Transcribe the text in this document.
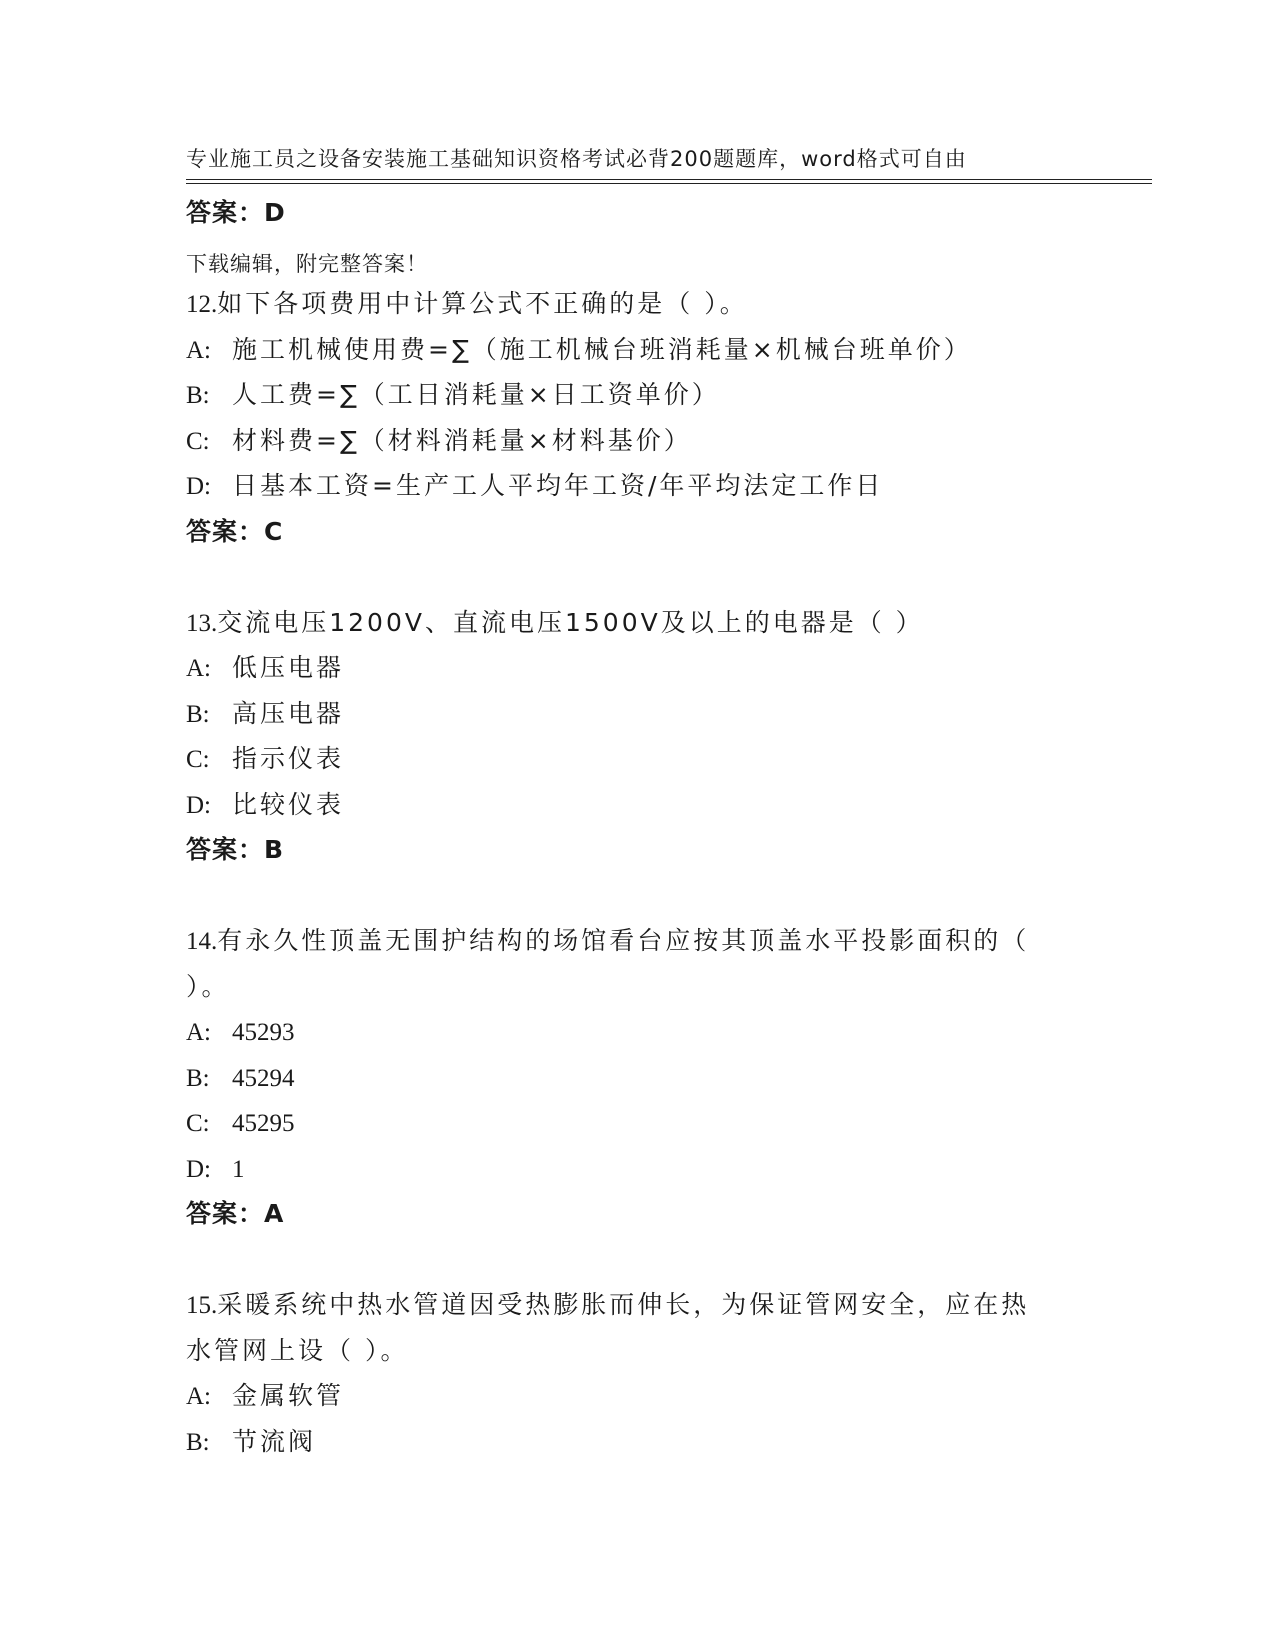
专业施工员之设备安装施工基础知识资格考试必背200题题库，word格式可自由

下载编辑，附完整答案！

答案：D
12.如下各项费用中计算公式不正确的是（ ）。
A: 施工机械使用费=∑（施工机械台班消耗量×机械台班单价）
B: 人工费=∑（工日消耗量×日工资单价）
C: 材料费=∑（材料消耗量×材料基价）
D: 日基本工资=生产工人平均年工资/年平均法定工作日
答案：C
13.交流电压1200V、直流电压1500V及以上的电器是（ ）
A: 低压电器
B: 高压电器
C: 指示仪表
D: 比较仪表
答案：B
14.有永久性顶盖无围护结构的场馆看台应按其顶盖水平投影面积的（
）。
A: 45293
B: 45294
C: 45295
D: 1
答案：A
15.采暖系统中热水管道因受热膨胀而伸长，为保证管网安全，应在热
水管网上设（ ）。
A: 金属软管
B: 节流阀
